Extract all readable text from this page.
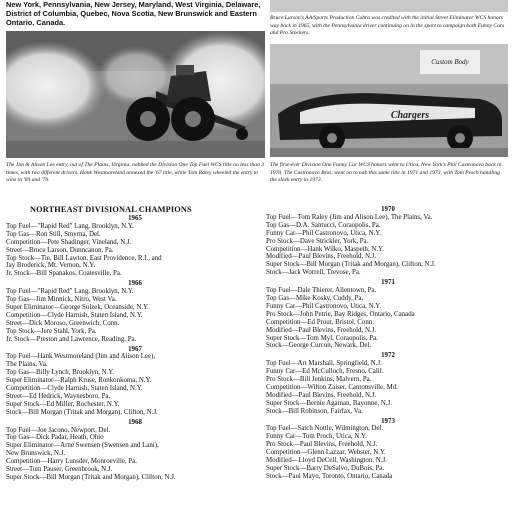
New York, Pennsylvania, New Jersey, Maryland, West Virginia, Delaware, District of Columbia, Quebec, Nova Scotia, New Brunswick and Eastern Ontario, Canada.	Bruce Larson's AA/Sports Production Cobra was credited with the initial Street Eliminator WCS honors way back in 1965, with the Pennsylvania driver continuing on in the sport to campaign both Funny Cars and Pro Stockers.
Custom Body
Chargers
The Jim & Alison Lee entry, out of The Plains, Virginia, nabbed the Division One Top Fuel WCS title no less than 3 times, with two different drivers. Hank Westmoreland annexed the '67 title, while Tom Raley wheeled the entry to wins in '69 and '70.
The first-ever Division One Funny Car WCS honors went to Utica, New York's Phil Castronovo back in 1970. The Castronovo Bros. went on to nab this same title in 1971 and 1973, with Tom Proch handling the sleek entry in 1973.
NORTHEAST DIVISIONAL CHAMPIONS
1965
Top Fuel—"Rapid Red" Lang, Brooklyn, N.Y.
Top Gas—Ron Still, Smyrna, Del.
Competition—Pete Shadinger, Vineland, N.J.
Street—Bruce Larson, Dunncanon, Pa.
Top Stock—Tie, Bill Lawton, East Providence, R.I., and
Jay Broderick, Mt. Vernon, N.Y.
Jr. Stock—Bill Spanakos, Coatesville, Pa.
1966
Top Fuel—"Rapid Red" Lang, Brooklyn, N.Y.
Top Gas—Jim Minnick, Nitro, West Va.
Super Eliminator—George Sulzek, Oceanside, N.Y.
Competition—Clyde Harnish, Staten Island, N.Y.
Street—Dick Moroso, Greenwich, Conn.
Top Stock—Jere Stahl, York, Pa.
Jr. Stock—Preston and Lawrence, Reading, Pa.
1967
Top Fuel—Hank Westmoreland (Jim and Alison Lee),
The Plains, Va.
Top Gas—Billy Lynch, Brooklyn, N.Y.
Super Eliminator—Ralph Kruse, Ronkonkoma, N.Y.
Competition—Clyde Harnish, Staten Island, N.Y.
Street—Ed Hedrick, Waynesboro, Pa.
Super Stock—Ed Miller, Rochester, N.Y.
Stock—Bill Morgan (Tritak and Morgan), Clifton, N.J.
1968
Top Fuel—Joe Jacono, Newport, Del.
Top Gas—Dick Padar, Heath, Ohio
Super Eliminator—Arne Swensen (Swensen and Lani),
New Brunswick, N.J.
Competition—Harry Lunsder, Monroeville, Pa.
Street—Tom Pauser, Greenbrook, N.J.
Super Stock—Bill Morgan (Tritak and Morgan), Clifton, N.J.
1970
Top Fuel—Tom Raley (Jim and Alison Lee), The Plains, Va.
Top Gas—D.A. Santucci, Coraopolis, Pa.
Funny Car—Phil Castronovo, Utica, N.Y.
Pro Stock—Dave Strickler, York, Pa.
Competition—Hank Wilko, Maspeth, N.Y.
Modified—Paul Blevins, Freehold, N.J.
Super Stock—Bill Morgan (Tritak and Morgan), Clifton, N.J.
Stock—Jack Worrell, Trevose, Pa.
1971
Top Fuel—Dale Thierer, Allentown, Pa.
Top Gas—Mike Kosky, Cuddy, Pa.
Funny Car—Phil Castronovo, Utica, N.Y.
Pro Stock—John Petrie, Bay Ridges, Ontario, Canada
Competition—Ed Prout, Bristol, Conn.
Modified—Paul Blevins, Freehold, N.J.
Super Stock—Tom Myl, Coraopolis, Pa.
Stock—George Curcon, Newark, Del.
1972
Top Fuel—Art Marshall, Springfield, N.J.
Funny Car—Ed McCulloch, Fresno, Calif.
Pro Stock—Bill Jenkins, Malvern, Pa.
Competition—Wilton Zaiser, Cantonsville, Md.
Modified—Paul Blevins, Freehold, N.J.
Super Stock—Bernie Agaman, Bayonne, N.J.
Stock—Bill Robinson, Fairfax, Va.
1973
Top Fuel—Satch Nottle, Wilmington, Del.
Funny Car—Tom Proch, Utica, N.Y.
Pro Stock—Paul Blevins, Freehold, N.J.
Competition—Glenn Lazzar, Webster, N.Y.
Modified—Lloyd DeCell, Washington, N.J.
Super Stock—Barry DeSalvo, DuBois, Pa.
Stock—Paul Mayo, Toronto, Ontario, Canada
